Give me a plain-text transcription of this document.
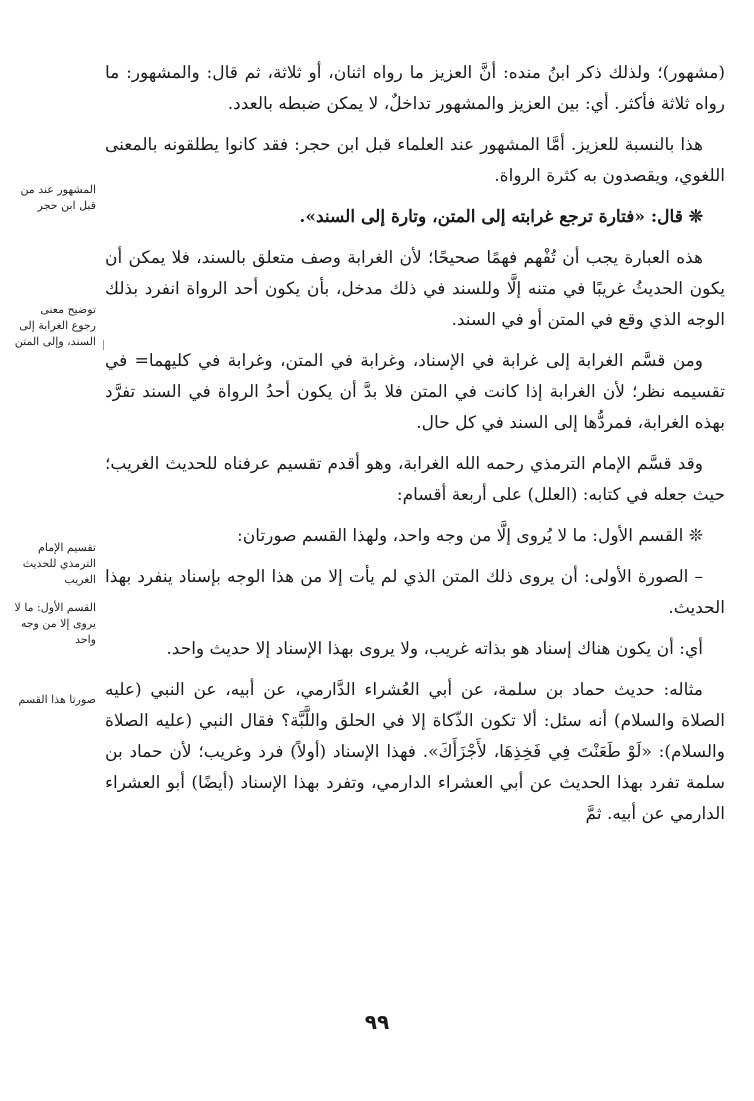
(مشهور)؛ ولذلك ذكر ابنُ منده: أنَّ العزيز ما رواه اثنان، أو ثلاثة، ثم قال: والمشهور: ما رواه ثلاثة فأكثر. أي: بين العزيز والمشهور تداخلٌ، لا يمكن ضبطه بالعدد.

هذا بالنسبة للعزيز. أمَّا المشهور عند العلماء قبل ابن حجر: فقد كانوا يطلقونه بالمعنى اللغوي، ويقصدون به كثرة الرواة.

❊ قال: «فتارة ترجع غرابته إلى المتن، وتارة إلى السند».

هذه العبارة يجب أن تُفْهم فهمًا صحيحًا؛ لأن الغرابة وصف متعلق بالسند، فلا يمكن أن يكون الحديثُ غريبًا في متنه إلَّا وللسند في ذلك مدخل، بأن يكون أحد الرواة انفرد بذلك الوجه الذي وقع في المتن أو في السند.

ومن قسَّم الغرابة إلى غرابة في الإسناد، وغرابة في المتن، وغرابة في كليهما= في تقسيمه نظر؛ لأن الغرابة إذا كانت في المتن فلا بدَّ أن يكون أحدُ الرواة في السند تفرَّد بهذه الغرابة، فمردُّها إلى السند في كل حال.

وقد قسَّم الإمام الترمذي رحمه الله الغرابة، وهو أقدم تقسيم عرفناه للحديث الغريب؛ حيث جعله في كتابه: (العلل) على أربعة أقسام:

❊ القسم الأول: ما لا يُروى إلَّا من وجه واحد، ولهذا القسم صورتان:

– الصورة الأولى: أن يروى ذلك المتن الذي لم يأت إلا من هذا الوجه بإسناد ينفرد بهذا الحديث.

أي: أن يكون هناك إسناد هو بذاته غريب، ولا يروى بهذا الإسناد إلا حديث واحد.

مثاله: حديث حماد بن سلمة، عن أبي العُشراء الدَّارمي، عن أبيه، عن النبي (عليه الصلاة والسلام) أنه سئل: ألا تكون الذّكاة إلا في الحلق واللَّبَّة؟ فقال النبي (عليه الصلاة والسلام): «لَوْ طَعَنْتَ فِي فَخِذِهَا، لأَجْزَأَكَ». فهذا الإسناد (أولاً) فرد وغريب؛ لأن حماد بن سلمة تفرد بهذا الحديث عن أبي العشراء الدارمي، وتفرد بهذا الإسناد (أيضًا) أبو العشراء الدارمي عن أبيه. ثمَّ

المشهور عند من قبل ابن حجر
توضيح معنى رجوع الغرابة إلى السند، وإلى المتن
تقسيم الإمام الترمذي للحديث الغريب
القسم الأول: ما لا يروى إلا من وجه واحد
صورتا هذا القسم
٩٩
